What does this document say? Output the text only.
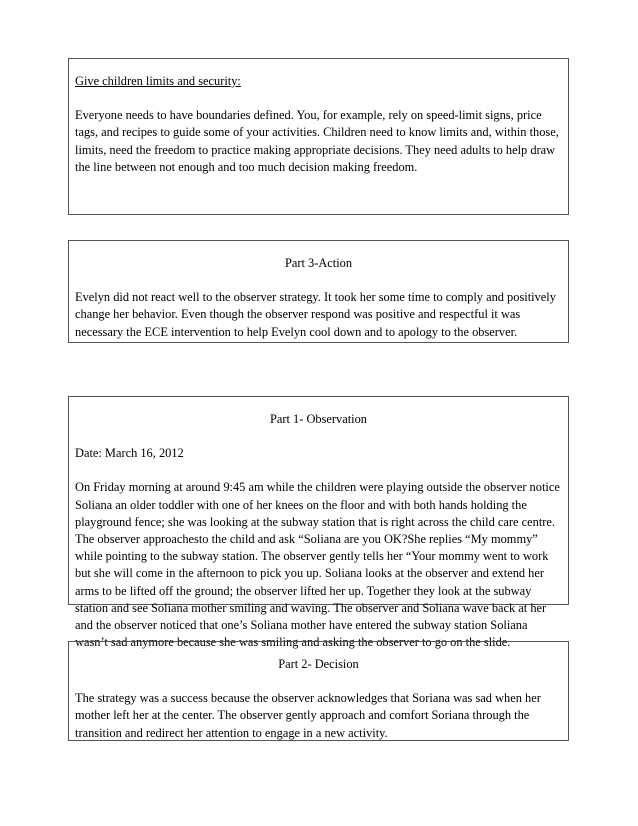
Give children limits and security:

Everyone needs to have boundaries defined. You, for example, rely on speed-limit signs, price tags, and recipes to guide some of your activities. Children need to know limits and, within those, limits, need the freedom to practice making appropriate decisions. They need adults to help draw the line between not enough and too much decision making freedom.

Part 3-Action

Evelyn did not react well to the observer strategy. It took her some time to comply and positively change her behavior. Even though the observer respond was positive and respectful it was necessary the ECE intervention to help Evelyn cool down and to apology to the observer.

Part 1- Observation

Date: March 16, 2012

On Friday morning at around 9:45 am while the children were playing outside the observer notice Soliana an older toddler with one of her knees on the floor and with both hands holding the playground fence; she was looking at the subway station that is right across the child care centre. The observer approachesto the child and ask “Soliana are you OK?She replies “My mommy” while pointing to the subway station. The observer gently tells her “Your mommy went to work but she will come in the afternoon to pick you up. Soliana looks at the observer and extend her arms to be lifted off the ground; the observer lifted her up. Together they look at the subway station and see Soliana mother smiling and waving. The observer and Soliana wave back at her and the observer noticed that one’s Soliana mother have entered the subway station Soliana wasn’t sad anymore because she was smiling and asking the observer to go on the slide.

Part 2- Decision

The strategy was a success because the observer acknowledges that Soriana was sad when her mother left her at the center. The observer gently approach and comfort Soriana through the transition and redirect her attention to engage in a new activity.
